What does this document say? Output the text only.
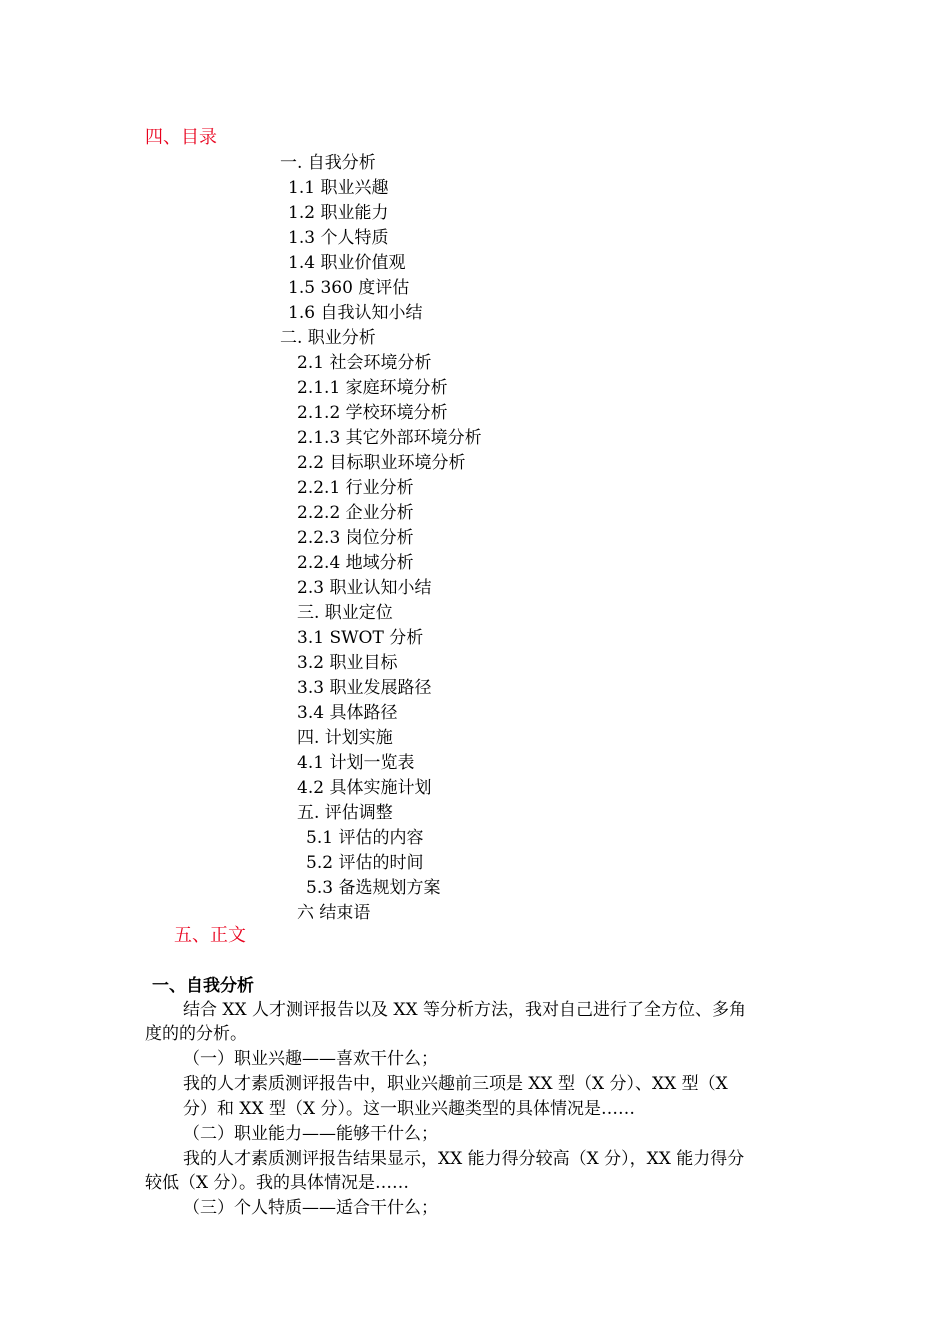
四、目录
一. 自我分析
1.1 职业兴趣
1.2 职业能力
1.3 个人特质
1.4 职业价值观
1.5 360 度评估
1.6 自我认知小结
二. 职业分析
2.1 社会环境分析
2.1.1 家庭环境分析
2.1.2 学校环境分析
2.1.3 其它外部环境分析
2.2 目标职业环境分析
2.2.1 行业分析
2.2.2 企业分析
2.2.3 岗位分析
2.2.4 地域分析
2.3 职业认知小结
三. 职业定位
3.1 SWOT 分析
3.2 职业目标
3.3 职业发展路径
3.4 具体路径
四. 计划实施
4.1 计划一览表
4.2 具体实施计划
五. 评估调整
5.1 评估的内容
5.2 评估的时间
5.3 备选规划方案
六 结束语
五、正文
一、自我分析
结合 XX 人才测评报告以及 XX 等分析方法，我对自己进行了全方位、多角
度的的分析。
（一）职业兴趣——喜欢干什么；
我的人才素质测评报告中，职业兴趣前三项是 XX 型（X 分）、XX 型（X
分）和 XX 型（X 分）。这一职业兴趣类型的具体情况是……
（二）职业能力——能够干什么；
我的人才素质测评报告结果显示，XX 能力得分较高（X 分），XX 能力得分
较低（X 分）。我的具体情况是……
（三）个人特质——适合干什么；
